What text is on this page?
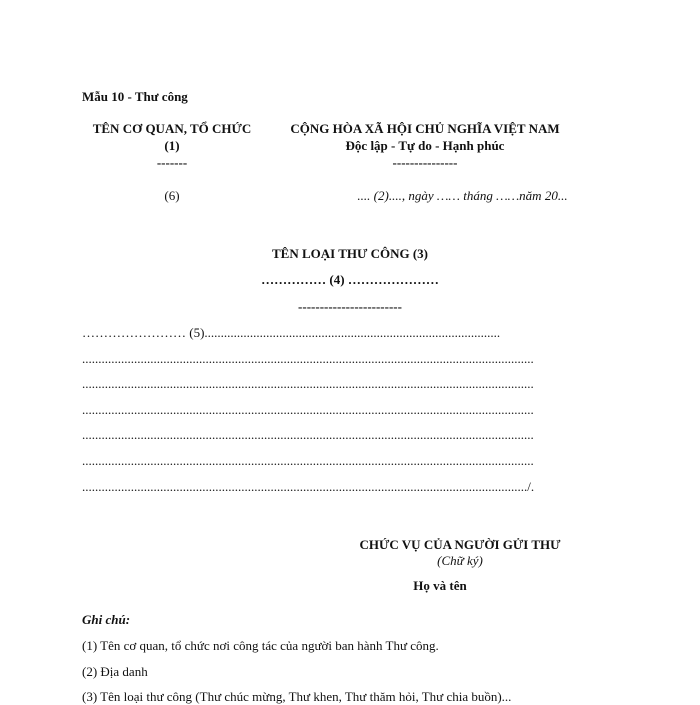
Mẫu 10 - Thư công
TÊN CƠ QUAN, TỔ CHỨC
(1)
-------
(6)
CỘNG HÒA XÃ HỘI CHỦ NGHĨA VIỆT NAM
Độc lập - Tự do - Hạnh phúc
---------------
.... (2)...., ngày …… tháng ……năm 20...
TÊN LOẠI THƯ CÔNG (3)
…………… (4) …………………
------------------------
…………………… (5)...........................................................................................
...........................................................................................................................................
...........................................................................................................................................
...........................................................................................................................................
...........................................................................................................................................
...........................................................................................................................................
........................................................................................................................................./.
CHỨC VỤ CỦA NGƯỜI GỬI THƯ
(Chữ ký)
Họ và tên
Ghi chú:
(1) Tên cơ quan, tổ chức nơi công tác của người ban hành Thư công.
(2) Địa danh
(3) Tên loại thư công (Thư chúc mừng, Thư khen, Thư thăm hỏi, Thư chia buồn)...
